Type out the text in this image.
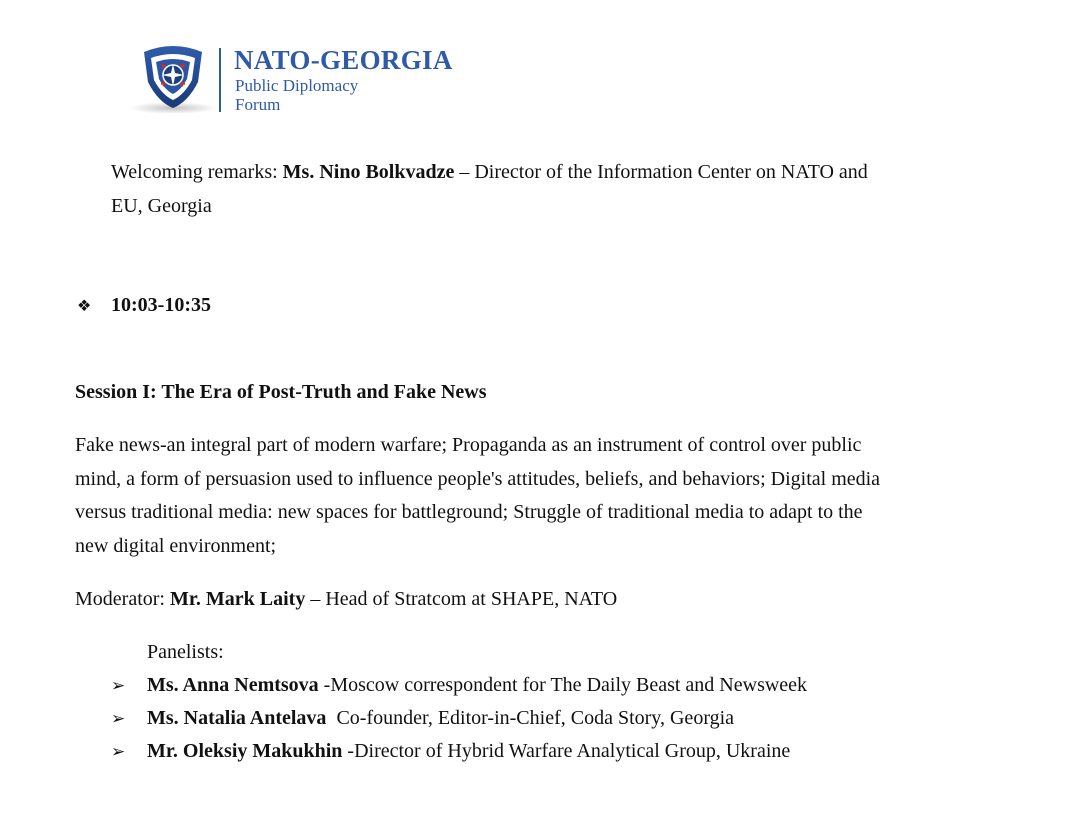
NATO-GEORGIA
Public Diplomacy
Forum
Welcoming remarks: Ms. Nino Bolkvadze – Director of the Information Center on NATO and
EU, Georgia
❖ 10:03-10:35
Session I: The Era of Post-Truth and Fake News
Fake news-an integral part of modern warfare; Propaganda as an instrument of control over public
mind, a form of persuasion used to influence people's attitudes, beliefs, and behaviors; Digital media
versus traditional media: new spaces for battleground; Struggle of traditional media to adapt to the
new digital environment;
Moderator: Mr. Mark Laity – Head of Stratcom at SHAPE, NATO
Panelists:
➢ Ms. Anna Nemtsova -Moscow correspondent for The Daily Beast and Newsweek
➢ Ms. Natalia Antelava  Co-founder, Editor-in-Chief, Coda Story, Georgia
➢ Mr. Oleksiy Makukhin -Director of Hybrid Warfare Analytical Group, Ukraine
